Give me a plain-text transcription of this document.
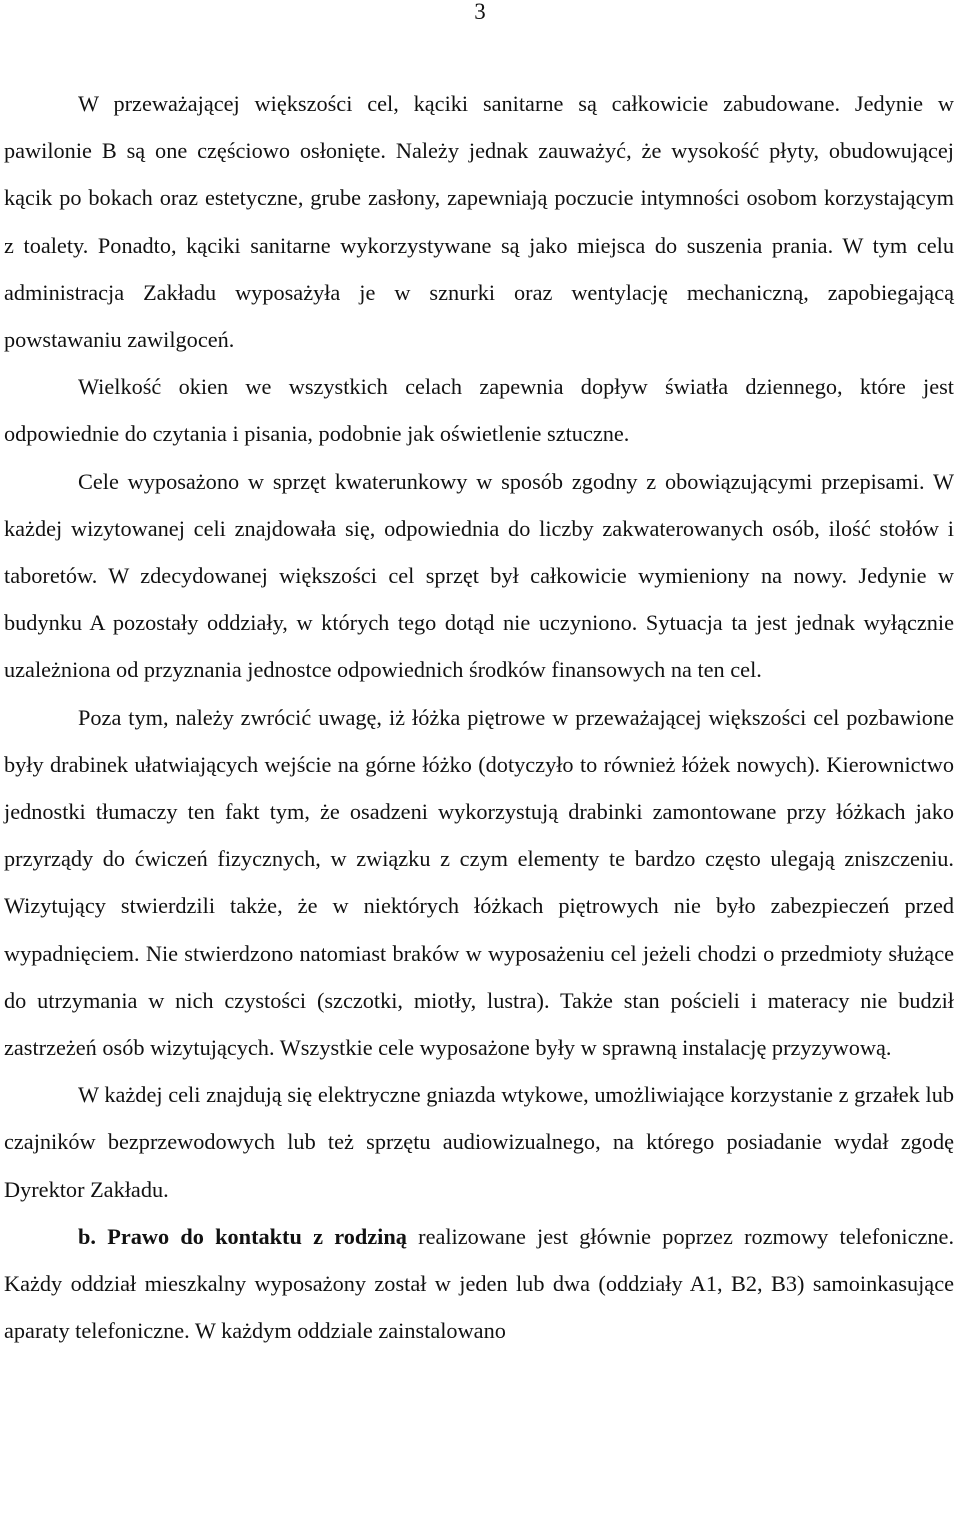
3

W przeważającej większości cel, kąciki sanitarne są całkowicie zabudowane. Jedynie w pawilonie B są one częściowo osłonięte. Należy jednak zauważyć, że wysokość płyty, obudowującej kącik po bokach oraz estetyczne, grube zasłony, zapewniają poczucie intymności osobom korzystającym z toalety. Ponadto, kąciki sanitarne wykorzystywane są jako miejsca do suszenia prania. W tym celu administracja Zakładu wyposażyła je w sznurki oraz wentylację mechaniczną, zapobiegającą powstawaniu zawilgoceń.

Wielkość okien we wszystkich celach zapewnia dopływ światła dziennego, które jest odpowiednie do czytania i pisania, podobnie jak oświetlenie sztuczne.

Cele wyposażono w sprzęt kwaterunkowy w sposób zgodny z obowiązującymi przepisami. W każdej wizytowanej celi znajdowała się, odpowiednia do liczby zakwaterowanych osób, ilość stołów i taboretów. W zdecydowanej większości cel sprzęt był całkowicie wymieniony na nowy. Jedynie w budynku A pozostały oddziały, w których tego dotąd nie uczyniono. Sytuacja ta jest jednak wyłącznie uzależniona od przyznania jednostce odpowiednich środków finansowych na ten cel.

Poza tym, należy zwrócić uwagę, iż łóżka piętrowe w przeważającej większości cel pozbawione były drabinek ułatwiających wejście na górne łóżko (dotyczyło to również łóżek nowych). Kierownictwo jednostki tłumaczy ten fakt tym, że osadzeni wykorzystują drabinki zamontowane przy łóżkach jako przyrządy do ćwiczeń fizycznych, w związku z czym elementy te bardzo często ulegają zniszczeniu. Wizytujący stwierdzili także, że w niektórych łóżkach piętrowych nie było zabezpieczeń przed wypadnięciem. Nie stwierdzono natomiast braków w wyposażeniu cel jeżeli chodzi o przedmioty służące do utrzymania w nich czystości (szczotki, miotły, lustra). Także stan pościeli i materacy nie budził zastrzeżeń osób wizytujących. Wszystkie cele wyposażone były w sprawną instalację przyzywową.

W każdej celi znajdują się elektryczne gniazda wtykowe, umożliwiające korzystanie z grzałek lub czajników bezprzewodowych lub też sprzętu audiowizualnego, na którego posiadanie wydał zgodę Dyrektor Zakładu.

b. Prawo do kontaktu z rodziną realizowane jest głównie poprzez rozmowy telefoniczne. Każdy oddział mieszkalny wyposażony został w jeden lub dwa (oddziały A1, B2, B3) samoinkasujące aparaty telefoniczne. W każdym oddziale zainstalowano
